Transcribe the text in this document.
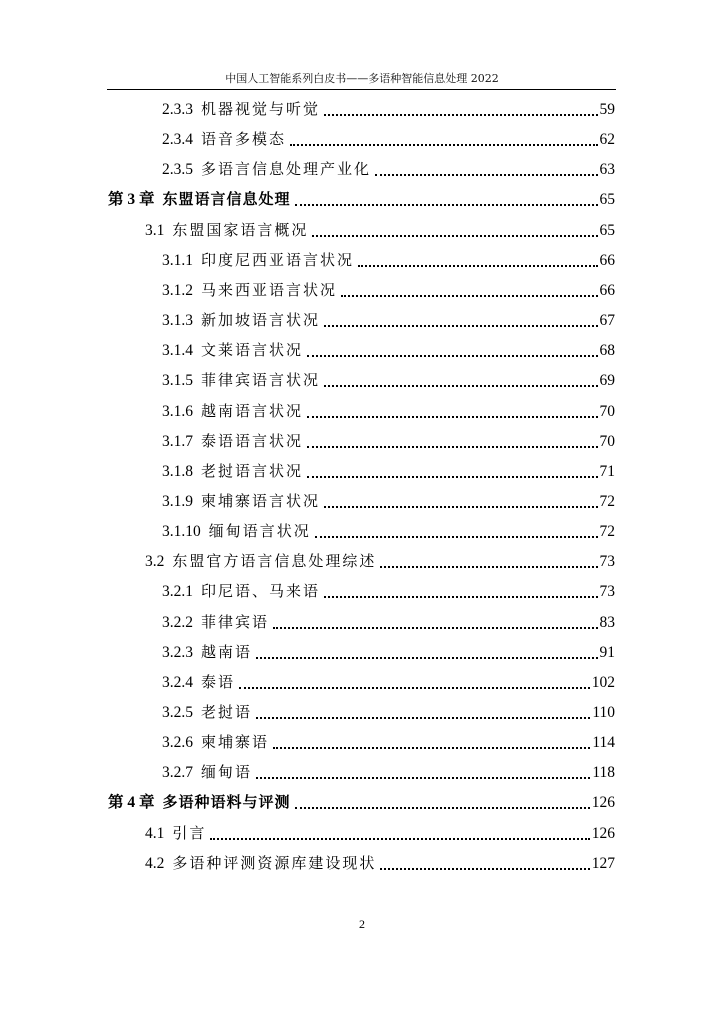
中国人工智能系列白皮书——多语种智能信息处理 2022
2.3.3 机器视觉与听觉	59
2.3.4 语音多模态	62
2.3.5 多语言信息处理产业化	63
第 3 章 东盟语言信息处理	65
3.1 东盟国家语言概况	65
3.1.1 印度尼西亚语言状况	66
3.1.2 马来西亚语言状况	66
3.1.3 新加坡语言状况	67
3.1.4 文莱语言状况	68
3.1.5 菲律宾语言状况	69
3.1.6 越南语言状况	70
3.1.7 泰语语言状况	70
3.1.8 老挝语言状况	71
3.1.9 柬埔寨语言状况	72
3.1.10 缅甸语言状况	72
3.2 东盟官方语言信息处理综述	73
3.2.1 印尼语、马来语	73
3.2.2 菲律宾语	83
3.2.3 越南语	91
3.2.4 泰语	102
3.2.5 老挝语	110
3.2.6 柬埔寨语	114
3.2.7 缅甸语	118
第 4 章 多语种语料与评测	126
4.1 引言	126
4.2 多语种评测资源库建设现状	127
2
